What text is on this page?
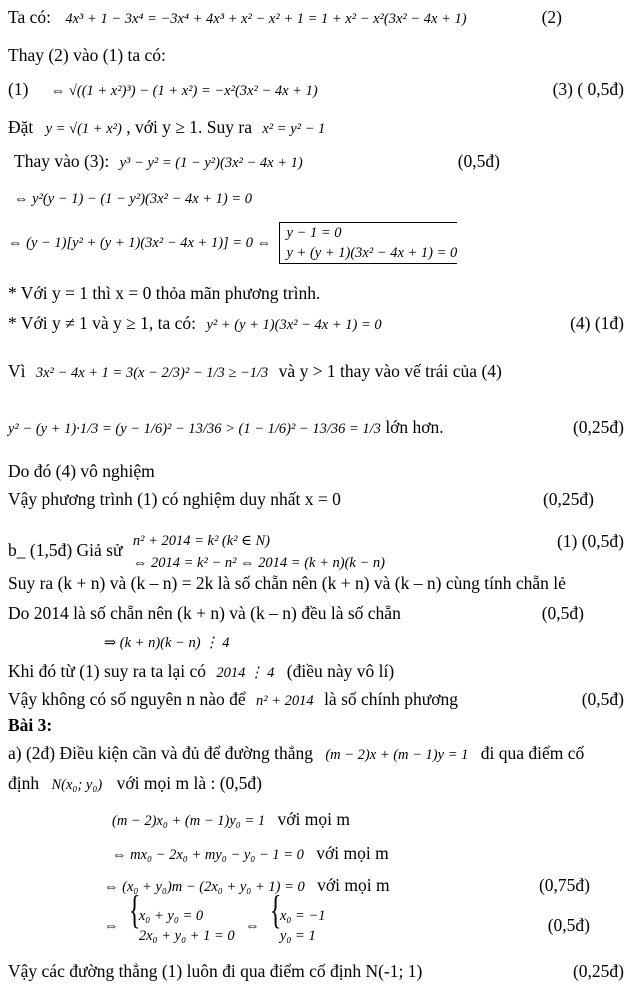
Ta có: 4x³ + 1 − 3x⁴ = −3x⁴ + 4x³ + x² − x² + 1 = 1 + x² − x²(3x² − 4x + 1)	(2)
Thay (2) vào (1) ta có:
(1) ⇔ √((1 + x²)³) − (1 + x²) = −x²(3x² − 4x + 1)	(3) ( 0,5đ)
Đặt y = √(1 + x²) , với y ≥ 1. Suy ra x² = y² − 1
Thay vào (3): y³ − y² = (1 − y²)(3x² − 4x + 1)	(0,5đ)
⇔ y²(y − 1) − (1 − y²)(3x² − 4x + 1) = 0
⇔ (y − 1)[y² + (y + 1)(3x² − 4x + 1)] = 0 ⇔
y − 1 = 0
y + (y + 1)(3x² − 4x + 1) = 0
* Với y = 1 thì x = 0 thỏa mãn phương trình.
* Với y ≠ 1 và y ≥ 1, ta có: y² + (y + 1)(3x² − 4x + 1) = 0	(4) (1đ)
Vì 3x² − 4x + 1 = 3(x − 2/3)² − 1/3 ≥ −1/3 và y > 1 thay vào vế trái của (4)
y² − (y + 1)·1/3 = (y − 1/6)² − 13/36 > (1 − 1/6)² − 13/36 = 1/3 lớn hơn.	(0,25đ)
Do đó (4) vô nghiệm
Vậy phương trình (1) có nghiệm duy nhất x = 0	(0,25đ)
b_ (1,5đ) Giả sử n² + 2014 = k² (k² ∈ N)
⇔ 2014 = k² − n² ⇔ 2014 = (k + n)(k − n)
(1) (0,5đ)
Suy ra (k + n) và (k – n) = 2k là số chẵn nên (k + n) và (k – n) cùng tính chẵn lẻ
Do 2014 là số chẵn nên (k + n) và (k – n) đều là số chẵn	(0,5đ)
⇒ (k + n)(k − n) ⋮ 4
Khi đó từ (1) suy ra ta lại có 2014 ⋮ 4 (điều này vô lí)
Vậy không có số nguyên n nào để n² + 2014 là số chính phương	(0,5đ)
Bài 3:
a) (2đ) Điều kiện cần và đủ để đường thẳng (m − 2)x + (m − 1)y = 1 đi qua điểm cố
định N(x₀; y₀) với mọi m là : (0,5đ)
(m − 2)x₀ + (m − 1)y₀ = 1 với mọi m
⇔ mx₀ − 2x₀ + my₀ − y₀ − 1 = 0 với mọi m
⇔ (x₀ + y₀)m − (2x₀ + y₀ + 1) = 0 với mọi m	(0,75đ)
⇔
{ x₀ + y₀ = 0
2x₀ + y₀ + 1 = 0
⇔
{ x₀ = −1
y₀ = 1
(0,5đ)
Vậy các đường thẳng (1) luôn đi qua điểm cố định N(-1; 1)	(0,25đ)
